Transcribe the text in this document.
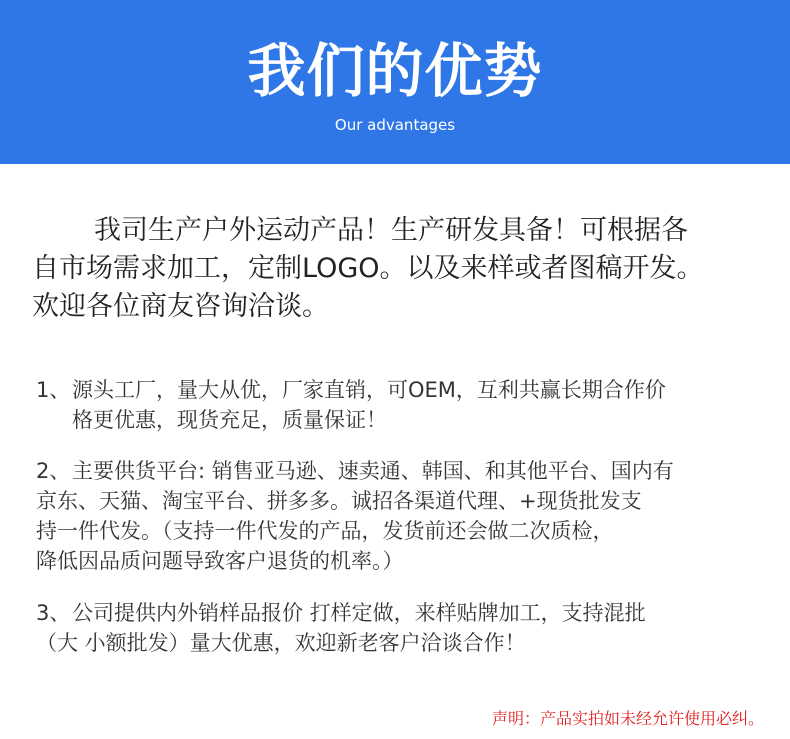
我们的优势
Our advantages

我司生产户外运动产品！生产研发具备！可根据各

自市场需求加工，定制LOGO。以及来样或者图稿开发。

欢迎各位商友咨询洽谈。

1、 源头工厂，量大从优，厂家直销，可OEM，互利共赢长期合作价
格更优惠，现货充足，质量保证！
2、 主要供货平台: 销售亚马逊、速卖通、韩国、和其他平台、国内有
京东、天猫、淘宝平台、拼多多。诚招各渠道代理、+现货批发支
持一件代发。（支持一件代发的产品，发货前还会做二次质检，
降低因品质问题导致客户退货的机率。）
3、 公司提供内外销样品报价 打样定做，来样贴牌加工，支持混批
（大 小额批发）量大优惠，欢迎新老客户洽谈合作！
声明：产品实拍如未经允许使用必纠。
